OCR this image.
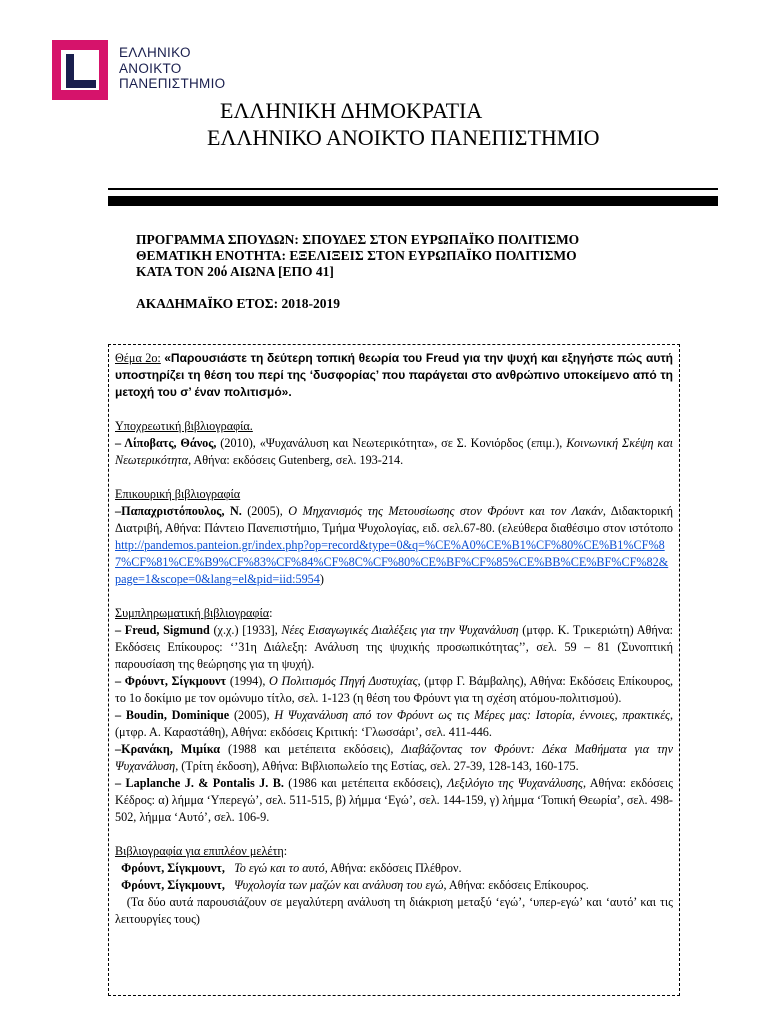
ΕΛΛΗΝΙΚΟ
ΑΝΟΙΚΤΟ
ΠΑΝΕΠΙΣΤΗΜΙΟ
ΕΛΛΗΝΙΚΗ ΔΗΜΟΚΡΑΤΙΑ
ΕΛΛΗΝΙΚΟ ΑΝΟΙΚΤΟ ΠΑΝΕΠΙΣΤΗΜΙΟ
ΠΡΟΓΡΑΜΜΑ ΣΠΟΥΔΩΝ: ΣΠΟΥΔΕΣ ΣΤΟΝ ΕΥΡΩΠΑΪΚΟ ΠΟΛΙΤΙΣΜΟ
ΘΕΜΑΤΙΚΗ ΕΝΟΤΗΤΑ: ΕΞΕΛΙΞΕΙΣ ΣΤΟΝ ΕΥΡΩΠΑΪΚΟ ΠΟΛΙΤΙΣΜΟ
ΚΑΤΑ ΤΟΝ 20ό ΑΙΩΝΑ [ΕΠΟ 41]
ΑΚΑΔΗΜΑΪΚΟ ΕΤΟΣ: 2018-2019

Θέμα 2ο: «Παρουσιάστε τη δεύτερη τοπική θεωρία του Freud για την ψυχή και εξηγήστε πώς αυτή υποστηρίζει τη θέση του περί της ‘δυσφορίας’ που παράγεται στο ανθρώπινο υποκείμενο από τη μετοχή του σ’ έναν πολιτισμό».

Υποχρεωτική βιβλιογραφία.

– Λίποβατς, Θάνος, (2010), «Ψυχανάλυση και Νεωτερικότητα», σε Σ. Κονιόρδος (επιμ.), Κοινωνική Σκέψη και Νεωτερικότητα, Αθήνα: εκδόσεις Gutenberg, σελ. 193-214.

Επικουρική βιβλιογραφία

–Παπαχριστόπουλος, Ν. (2005), Ο Μηχανισμός της Μετουσίωσης στον Φρόυντ και τον Λακάν, Διδακτορική Διατριβή, Αθήνα: Πάντειο Πανεπιστήμιο, Τμήμα Ψυχολογίας, ειδ. σελ.67-80. (ελεύθερα διαθέσιμο στον ιστότοπο http://pandemos.panteion.gr/index.php?op=record&type=0&q=%CE%A0%CE%B1%CF%80%CE%B1%CF%87%CF%81%CE%B9%CF%83%CF%84%CF%8C%CF%80%CE%BF%CF%85%CE%BB%CE%BF%CF%82&page=1&scope=0&lang=el&pid=iid:5954)

Συμπληρωματική βιβλιογραφία:

– Freud, Sigmund (χ.χ.) [1933], Νέες Εισαγωγικές Διαλέξεις για την Ψυχανάλυση (μτφρ. Κ. Τρικεριώτη) Αθήνα: Εκδόσεις Επίκουρος: ‘’31η Διάλεξη: Ανάλυση της ψυχικής προσωπικότητας’’, σελ. 59 – 81 (Συνοπτική παρουσίαση της θεώρησης για τη ψυχή).

– Φρόυντ, Σίγκμουντ (1994), Ο Πολιτισμός Πηγή Δυστυχίας, (μτφρ Γ. Βάμβαλης), Αθήνα: Εκδόσεις Επίκουρος, το 1ο δοκίμιο με τον ομώνυμο τίτλο, σελ. 1-123 (η θέση του Φρόυντ για τη σχέση ατόμου-πολιτισμού).

– Boudin, Dominique (2005), Η Ψυχανάλυση από τον Φρόυντ ως τις Μέρες μας: Ιστορία, έννοιες, πρακτικές, (μτφρ. Α. Καραστάθη), Αθήνα: εκδόσεις Κριτική: ‘Γλωσσάρι’, σελ. 411-446.

–Κρανάκη, Μιμίκα (1988 και μετέπειτα εκδόσεις), Διαβάζοντας τον Φρόυντ: Δέκα Μαθήματα για την Ψυχανάλυση, (Τρίτη έκδοση), Αθήνα: Βιβλιοπωλείο της Εστίας, σελ. 27-39, 128-143, 160-175.

– Laplanche J. & Pontalis J. B. (1986 και μετέπειτα εκδόσεις), Λεξιλόγιο της Ψυχανάλυσης, Αθήνα: εκδόσεις Κέδρος: α) λήμμα ‘Υπερεγώ’, σελ. 511-515, β) λήμμα ‘Εγώ’, σελ. 144-159, γ) λήμμα ‘Τοπική Θεωρία’, σελ. 498-502, λήμμα ‘Αυτό’, σελ. 106-9.

Βιβλιογραφία για επιπλέον μελέτη:

Φρόυντ, Σίγκμουντ, Το εγώ και το αυτό, Αθήνα: εκδόσεις Πλέθρον.

Φρόυντ, Σίγκμουντ, Ψυχολογία των μαζών και ανάλυση του εγώ, Αθήνα: εκδόσεις Επίκουρος.

(Τα δύο αυτά παρουσιάζουν σε μεγαλύτερη ανάλυση τη διάκριση μεταξύ ‘εγώ’, ‘υπερ-εγώ’ και ‘αυτό’ και τις λειτουργίες τους)
